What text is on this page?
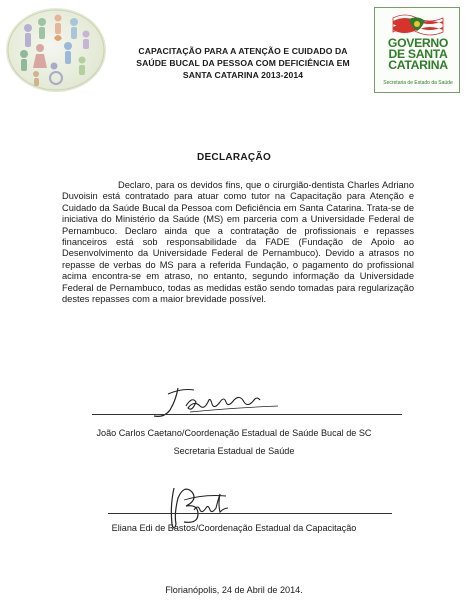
CAPACITAÇÃO PARA A ATENÇÃO E CUIDADO DA
SAÚDE BUCAL DA PESSOA COM DEFICIÊNCIA EM
SANTA CATARINA 2013-2014
GOVERNO
DE SANTA
CATARINA
Secretaria de Estado da Saúde
DECLARAÇÃO
Declaro, para os devidos fins, que o cirurgião-dentista Charles Adriano Duvoisin está contratado para atuar como tutor na Capacitação para Atenção e Cuidado da Saúde Bucal da Pessoa com Deficiência em Santa Catarina. Trata-se de iniciativa do Ministério da Saúde (MS) em parceria com a Universidade Federal de Pernambuco. Declaro ainda que a contratação de profissionais e repasses financeiros está sob responsabilidade da FADE (Fundação de Apoio ao Desenvolvimento da Universidade Federal de Pernambuco). Devido a atrasos no repasse de verbas do MS para a referida Fundação, o pagamento do profissional acima encontra-se em atraso, no entanto, segundo informação da Universidade Federal de Pernambuco, todas as medidas estão sendo tomadas para regularização destes repasses com a maior brevidade possível.
João Carlos Caetano/Coordenação Estadual de Saúde Bucal de SC
Secretaria Estadual de Saúde
Eliana Edi de Bastos/Coordenação Estadual da Capacitação
Florianópolis, 24 de Abril de 2014.
